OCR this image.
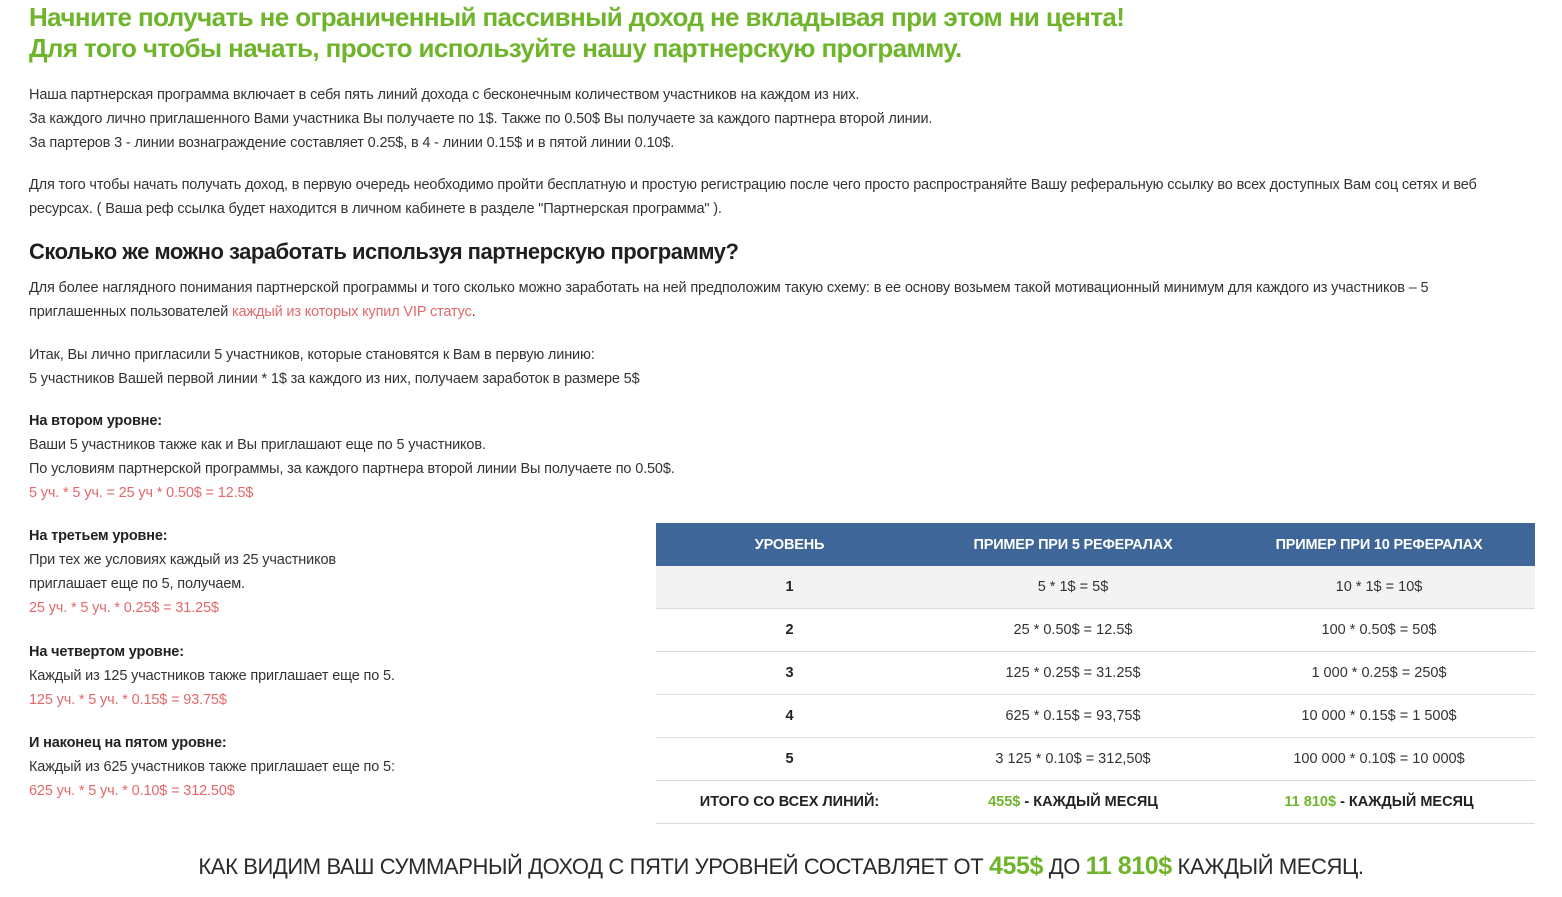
Начните получать не ограниченный пассивный доход не вкладывая при этом ни цента!
Для того чтобы начать, просто используйте нашу партнерскую программу.

Наша партнерская программа включает в себя пять линий дохода с бесконечным количеством участников на каждом из них.
За каждого лично приглашенного Вами участника Вы получаете по 1$. Также по 0.50$ Вы получаете за каждого партнера второй линии.
За партеров 3 - линии вознаграждение составляет 0.25$, в 4 - линии 0.15$ и в пятой линии 0.10$.

Для того чтобы начать получать доход, в первую очередь необходимо пройти бесплатную и простую регистрацию после чего просто распространяйте Вашу реферальную ссылку во всех доступных Вам соц сетях и веб
ресурсах. ( Ваша реф ссылка будет находится в личном кабинете в разделе "Партнерская программа" ).

Сколько же можно заработать используя партнерскую программу?

Для более наглядного понимания партнерской программы и того сколько можно заработать на ней предположим такую схему: в ее основу возьмем такой мотивационный минимум для каждого из участников – 5
приглашенных пользователей каждый из которых купил VIP статус.

Итак, Вы лично пригласили 5 участников, которые становятся к Вам в первую линию:
5 участников Вашей первой линии * 1$ за каждого из них, получаем заработок в размере 5$

На втором уровне:
Ваши 5 участников также как и Вы приглашают еще по 5 участников.
По условиям партнерской программы, за каждого партнера второй линии Вы получаете по 0.50$.
5 уч. * 5 уч. = 25 уч * 0.50$ = 12.5$
На третьем уровне:
При тех же условиях каждый из 25 участников
приглашает еще по 5, получаем.
25 уч. * 5 уч. * 0.25$ = 31.25$
На четвертом уровне:
Каждый из 125 участников также приглашает еще по 5.
125 уч. * 5 уч. * 0.15$ = 93.75$
И наконец на пятом уровне:
Каждый из 625 участников также приглашает еще по 5:
625 уч. * 5 уч. * 0.10$ = 312.50$
УРОВЕНЬ	ПРИМЕР ПРИ 5 РЕФЕРАЛАХ	ПРИМЕР ПРИ 10 РЕФЕРАЛАХ
1	5 * 1$ = 5$	10 * 1$ = 10$
2	25 * 0.50$ = 12.5$	100 * 0.50$ = 50$
3	125 * 0.25$ = 31.25$	1 000 * 0.25$ = 250$
4	625 * 0.15$ = 93,75$	10 000 * 0.15$ = 1 500$
5	3 125 * 0.10$ = 312,50$	100 000 * 0.10$ = 10 000$
ИТОГО СО ВСЕХ ЛИНИЙ:	455$ - КАЖДЫЙ МЕСЯЦ	11 810$ - КАЖДЫЙ МЕСЯЦ

КАК ВИДИМ ВАШ СУММАРНЫЙ ДОХОД С ПЯТИ УРОВНЕЙ СОСТАВЛЯЕТ ОТ 455$ ДО 11 810$ КАЖДЫЙ МЕСЯЦ.
